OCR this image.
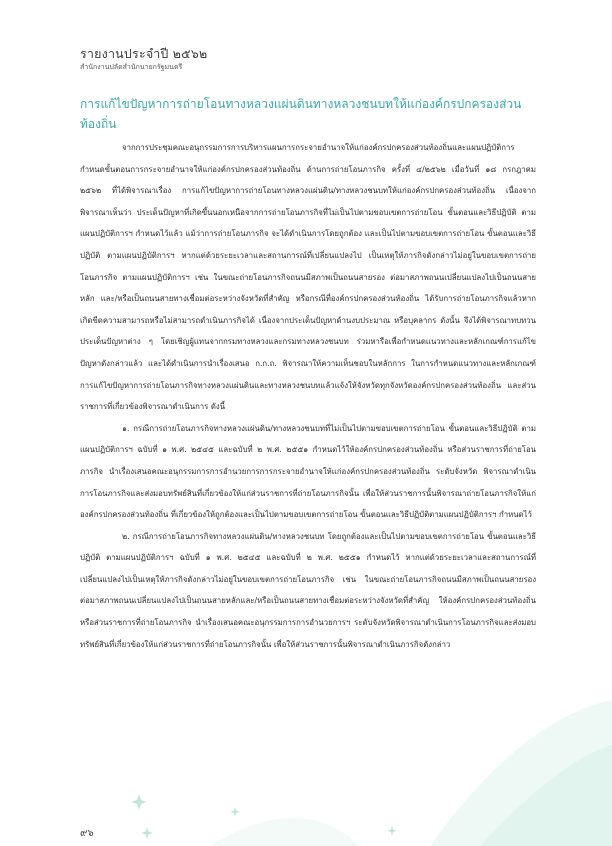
รายงานประจำปี ๒๕๖๒
สำนักงานปลัดสำนักนายกรัฐมนตรี
การแก้ไขปัญหาการถ่ายโอนทางหลวงแผ่นดินทางหลวงชนบทให้แก่องค์กรปกครองส่วนท้องถิ่น

จากการประชุมคณะอนุกรรมการการบริหารแผนการกระจายอำนาจให้แก่องค์กรปกครองส่วนท้องถิ่นและแผนปฏิบัติการกำหนดขั้นตอนการกระจายอำนาจให้แก่องค์กรปกครองส่วนท้องถิ่น ด้านการถ่ายโอนภารกิจ ครั้งที่ ๔/๒๕๖๒ เมื่อวันที่ ๑๘ กรกฎาคม ๒๕๖๒ ที่ได้พิจารณาเรื่อง การแก้ไขปัญหาการถ่ายโอนทางหลวงแผ่นดิน/ทางหลวงชนบทให้แก่องค์กรปกครองส่วนท้องถิ่น เนื่องจากพิจารณาเห็นว่า ประเด็นปัญหาที่เกิดขึ้นนอกเหนือจากการถ่ายโอนภารกิจที่ไม่เป็นไปตามขอบเขตการถ่ายโอน ขั้นตอนและวิธีปฏิบัติ ตามแผนปฏิบัติการฯ กำหนดไว้แล้ว แม้ว่าการถ่ายโอนภารกิจ จะได้ดำเนินการโดยถูกต้อง และเป็นไปตามขอบเขตการถ่ายโอน ขั้นตอนและวิธีปฏิบัติ ตามแผนปฏิบัติการฯ หากแต่ด้วยระยะเวลาและสถานการณ์ที่เปลี่ยนแปลงไป เป็นเหตุให้ภารกิจดังกล่าวไม่อยู่ในขอบเขตการถ่ายโอนภารกิจ ตามแผนปฏิบัติการฯ เช่น ในขณะถ่ายโอนภารกิจถนนมีสภาพเป็นถนนสายรอง ต่อมาสภาพถนนเปลี่ยนแปลงไปเป็นถนนสายหลัก และ/หรือเป็นถนนสายทางเชื่อมต่อระหว่างจังหวัดที่สำคัญ หรือกรณีที่องค์กรปกครองส่วนท้องถิ่น ได้รับการถ่ายโอนภารกิจแล้วหากเกิดขีดความสามารถหรือไม่สามารถดำเนินภารกิจได้ เนื่องจากประเด็นปัญหาด้านงบประมาณ หรือบุคลากร ดังนั้น จึงได้พิจารณาทบทวนประเด็นปัญหาต่าง ๆ โดยเชิญผู้แทนจากกรมทางหลวงและกรมทางหลวงชนบท ร่วมหารือเพื่อกำหนดแนวทางและหลักเกณฑ์การแก้ไขปัญหาดังกล่าวแล้ว และได้ดำเนินการนำเรื่องเสนอ ก.ก.ถ. พิจารณาให้ความเห็นชอบในหลักการ ในการกำหนดแนวทางและหลักเกณฑ์การแก้ไขปัญหาการถ่ายโอนภารกิจทางหลวงแผ่นดินและทางหลวงชนบทแล้วแจ้งให้จังหวัดทุกจังหวัดองค์กรปกครองส่วนท้องถิ่น และส่วนราชการที่เกี่ยวข้องพิจารณาดำเนินการ ดังนี้

๑. กรณีการถ่ายโอนภารกิจทางหลวงแผ่นดิน/ทางหลวงชนบทที่ไม่เป็นไปตามขอบเขตการถ่ายโอน ขั้นตอนและวิธีปฏิบัติ ตามแผนปฏิบัติการฯ ฉบับที่ ๑ พ.ศ. ๒๕๔๕ และฉบับที่ ๒ พ.ศ. ๒๕๕๑ กำหนดไว้ให้องค์กรปกครองส่วนท้องถิ่น หรือส่วนราชการที่ถ่ายโอนภารกิจ นำเรื่องเสนอคณะอนุกรรมการการอำนวยการการกระจายอำนาจให้แก่องค์กรปกครองส่วนท้องถิ่น ระดับจังหวัด พิจารณาดำเนินการโอนภารกิจและส่งมอบทรัพย์สินที่เกี่ยวข้องให้แก่ส่วนราชการที่ถ่ายโอนภารกิจนั้น เพื่อให้ส่วนราชการนั้นพิจารณาถ่ายโอนภารกิจให้แก่องค์กรปกครองส่วนท้องถิ่น ที่เกี่ยวข้องให้ถูกต้องและเป็นไปตามขอบเขตการถ่ายโอน ขั้นตอนและวิธีปฏิบัติตามแผนปฏิบัติการฯ กำหนดไว้

๒. กรณีการถ่ายโอนภารกิจทางหลวงแผ่นดิน/ทางหลวงชนบท โดยถูกต้องและเป็นไปตามขอบเขตการถ่ายโอน ขั้นตอนและวิธีปฏิบัติ ตามแผนปฏิบัติการฯ ฉบับที่ ๑ พ.ศ. ๒๕๔๕ และฉบับที่ ๒ พ.ศ. ๒๕๕๑ กำหนดไว้ หากแต่ด้วยระยะเวลาและสถานการณ์ที่เปลี่ยนแปลงไปเป็นเหตุให้ภารกิจดังกล่าวไม่อยู่ในขอบเขตการถ่ายโอนภารกิจ เช่น ในขณะถ่ายโอนภารกิจถนนมีสภาพเป็นถนนสายรอง ต่อมาสภาพถนนเปลี่ยนแปลงไปเป็นถนนสายหลักและ/หรือเป็นถนนสายทางเชื่อมต่อระหว่างจังหวัดที่สำคัญ ให้องค์กรปกครองส่วนท้องถิ่นหรือส่วนราชการที่ถ่ายโอนภารกิจ นำเรื่องเสนอคณะอนุกรรมการการอำนวยการฯ ระดับจังหวัดพิจารณาดำเนินการโอนภารกิจและส่งมอบทรัพย์สินที่เกี่ยวข้องให้แก่ส่วนราชการที่ถ่ายโอนภารกิจนั้น เพื่อให้ส่วนราชการนั้นพิจารณาดำเนินภารกิจดังกล่าว

๙๖
